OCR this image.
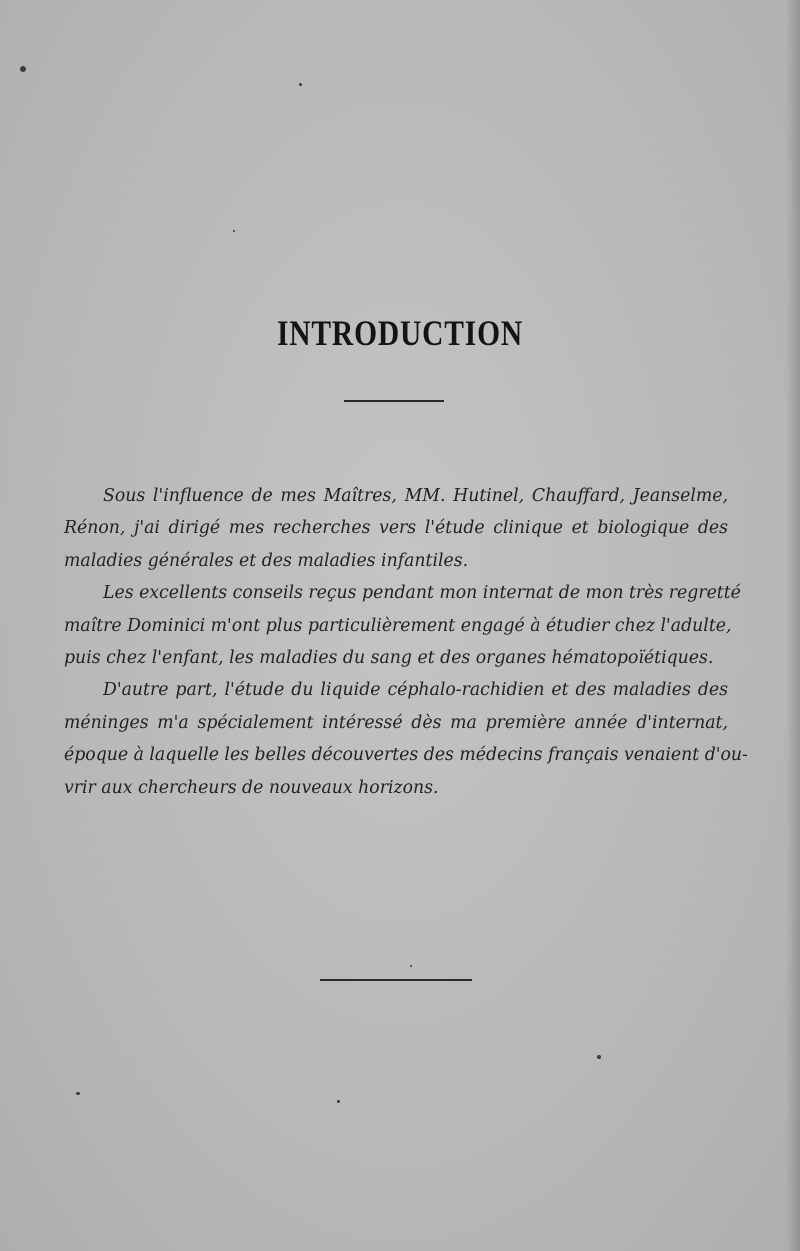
INTRODUCTION
Sous l'influence de mes Maîtres, MM. Hutinel, Chauffard, Jeanselme,
Rénon, j'ai dirigé mes recherches vers l'étude clinique et biologique des
maladies générales et des maladies infantiles.
Les excellents conseils reçus pendant mon internat de mon très regretté
maître Dominici m'ont plus particulièrement engagé à étudier chez l'adulte,
puis chez l'enfant, les maladies du sang et des organes hématopoïétiques.
D'autre part, l'étude du liquide céphalo-rachidien et des maladies des
méninges m'a spécialement intéressé dès ma première année d'internat,
époque à laquelle les belles découvertes des médecins français venaient d'ou-
vrir aux chercheurs de nouveaux horizons.
